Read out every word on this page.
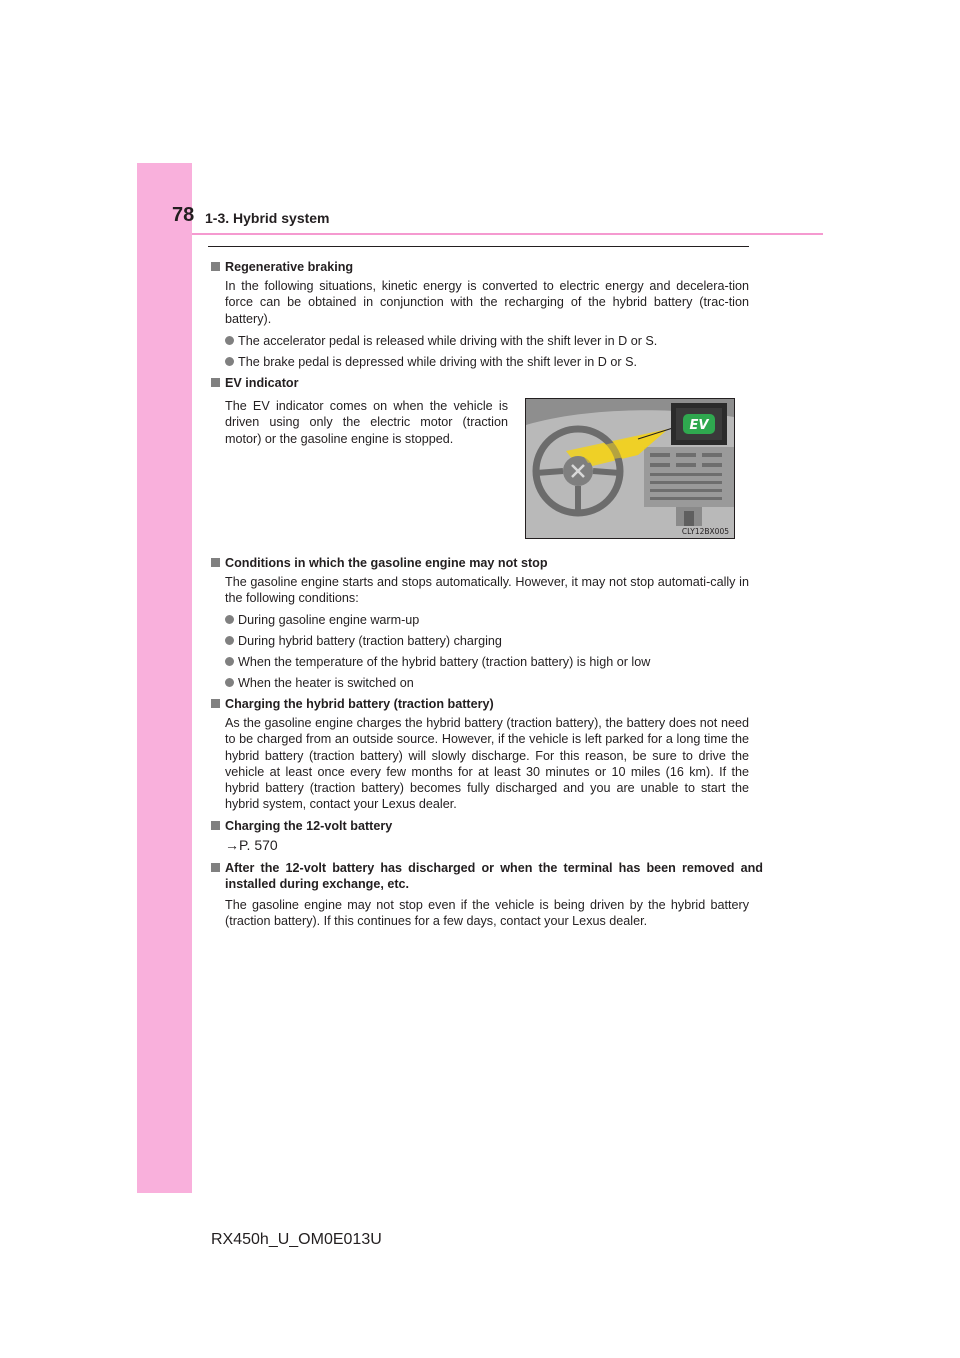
78 1-3. Hybrid system
Regenerative braking
In the following situations, kinetic energy is converted to electric energy and decelera-tion force can be obtained in conjunction with the recharging of the hybrid battery (trac-tion battery).
The accelerator pedal is released while driving with the shift lever in D or S.
The brake pedal is depressed while driving with the shift lever in D or S.
EV indicator
The EV indicator comes on when the vehicle is driven using only the electric motor (traction motor) or the gasoline engine is stopped.
EV
CLY12BX005
Conditions in which the gasoline engine may not stop
The gasoline engine starts and stops automatically. However, it may not stop automati-cally in the following conditions:
During gasoline engine warm-up
During hybrid battery (traction battery) charging
When the temperature of the hybrid battery (traction battery) is high or low
When the heater is switched on
Charging the hybrid battery (traction battery)
As the gasoline engine charges the hybrid battery (traction battery), the battery does not need to be charged from an outside source. However, if the vehicle is left parked for a long time the hybrid battery (traction battery) will slowly discharge. For this reason, be sure to drive the vehicle at least once every few months for at least 30 minutes or 10 miles (16 km). If the hybrid battery (traction battery) becomes fully discharged and you are unable to start the hybrid system, contact your Lexus dealer.
Charging the 12-volt battery
→P. 570
After the 12-volt battery has discharged or when the terminal has been removed and installed during exchange, etc.
The gasoline engine may not stop even if the vehicle is being driven by the hybrid battery (traction battery). If this continues for a few days, contact your Lexus dealer.
RX450h_U_OM0E013U
